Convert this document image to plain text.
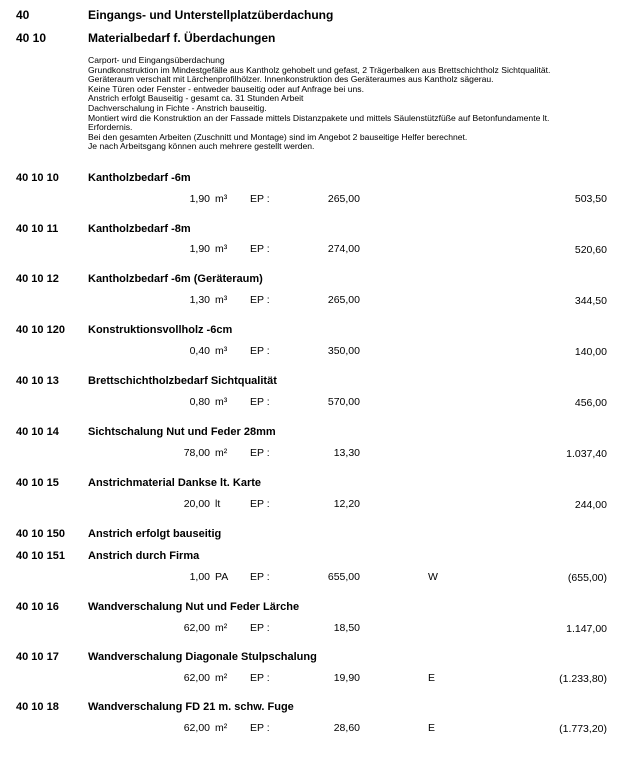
40	Eingangs- und Unterstellplatzüberdachung
40 10	Materialbedarf f. Überdachungen
Carport- und Eingangsüberdachung
Grundkonstruktion im Mindestgefälle aus Kantholz gehobelt und gefast, 2 Trägerbalken aus Brettschichtholz Sichtqualität.
Geräteraum verschalt mit Lärchenprofilhölzer. Innenkonstruktion des Geräteraumes aus Kantholz sägerau.
Keine Türen oder Fenster - entweder bauseitig oder auf Anfrage bei uns.
Anstrich erfolgt Bauseitig - gesamt ca. 31 Stunden Arbeit
Dachverschalung in Fichte - Anstrich bauseitig.
Montiert wird die Konstruktion an der Fassade mittels Distanzpakete und mittels Säulenstützfüße auf Betonfundamente lt.
Erfordernis.
Bei den gesamten Arbeiten (Zuschnitt und Montage) sind im Angebot 2 bauseitige Helfer berechnet.
Je nach Arbeitsgang können auch mehrere gestellt werden.
40 10 10	Kantholzbedarf -6m
1,90 m³ EP :	265,00	503,50
40 10 11	Kantholzbedarf -8m
1,90 m³ EP :	274,00	520,60
40 10 12	Kantholzbedarf -6m (Geräteraum)
1,30 m³ EP :	265,00	344,50
40 10 120 Konstruktionsvollholz -6cm
0,40 m³ EP :	350,00	140,00
40 10 13	Brettschichtholzbedarf Sichtqualität
0,80 m³ EP :	570,00	456,00
40 10 14	Sichtschalung Nut und Feder 28mm
78,00 m² EP :	13,30	1.037,40
40 10 15	Anstrichmaterial Dankse lt. Karte
20,00 lt	EP :	12,20	244,00
40 10 150 Anstrich erfolgt bauseitig
40 10 151 Anstrich durch Firma
1,00 PA EP :	655,00	W	(655,00)
40 10 16	Wandverschalung Nut und Feder Lärche
62,00 m² EP :	18,50	1.147,00
40 10 17	Wandverschalung Diagonale Stulpschalung
62,00 m² EP :	19,90	E	(1.233,80)
40 10 18	Wandverschalung FD 21 m. schw. Fuge
62,00 m² EP :	28,60	E	(1.773,20)
